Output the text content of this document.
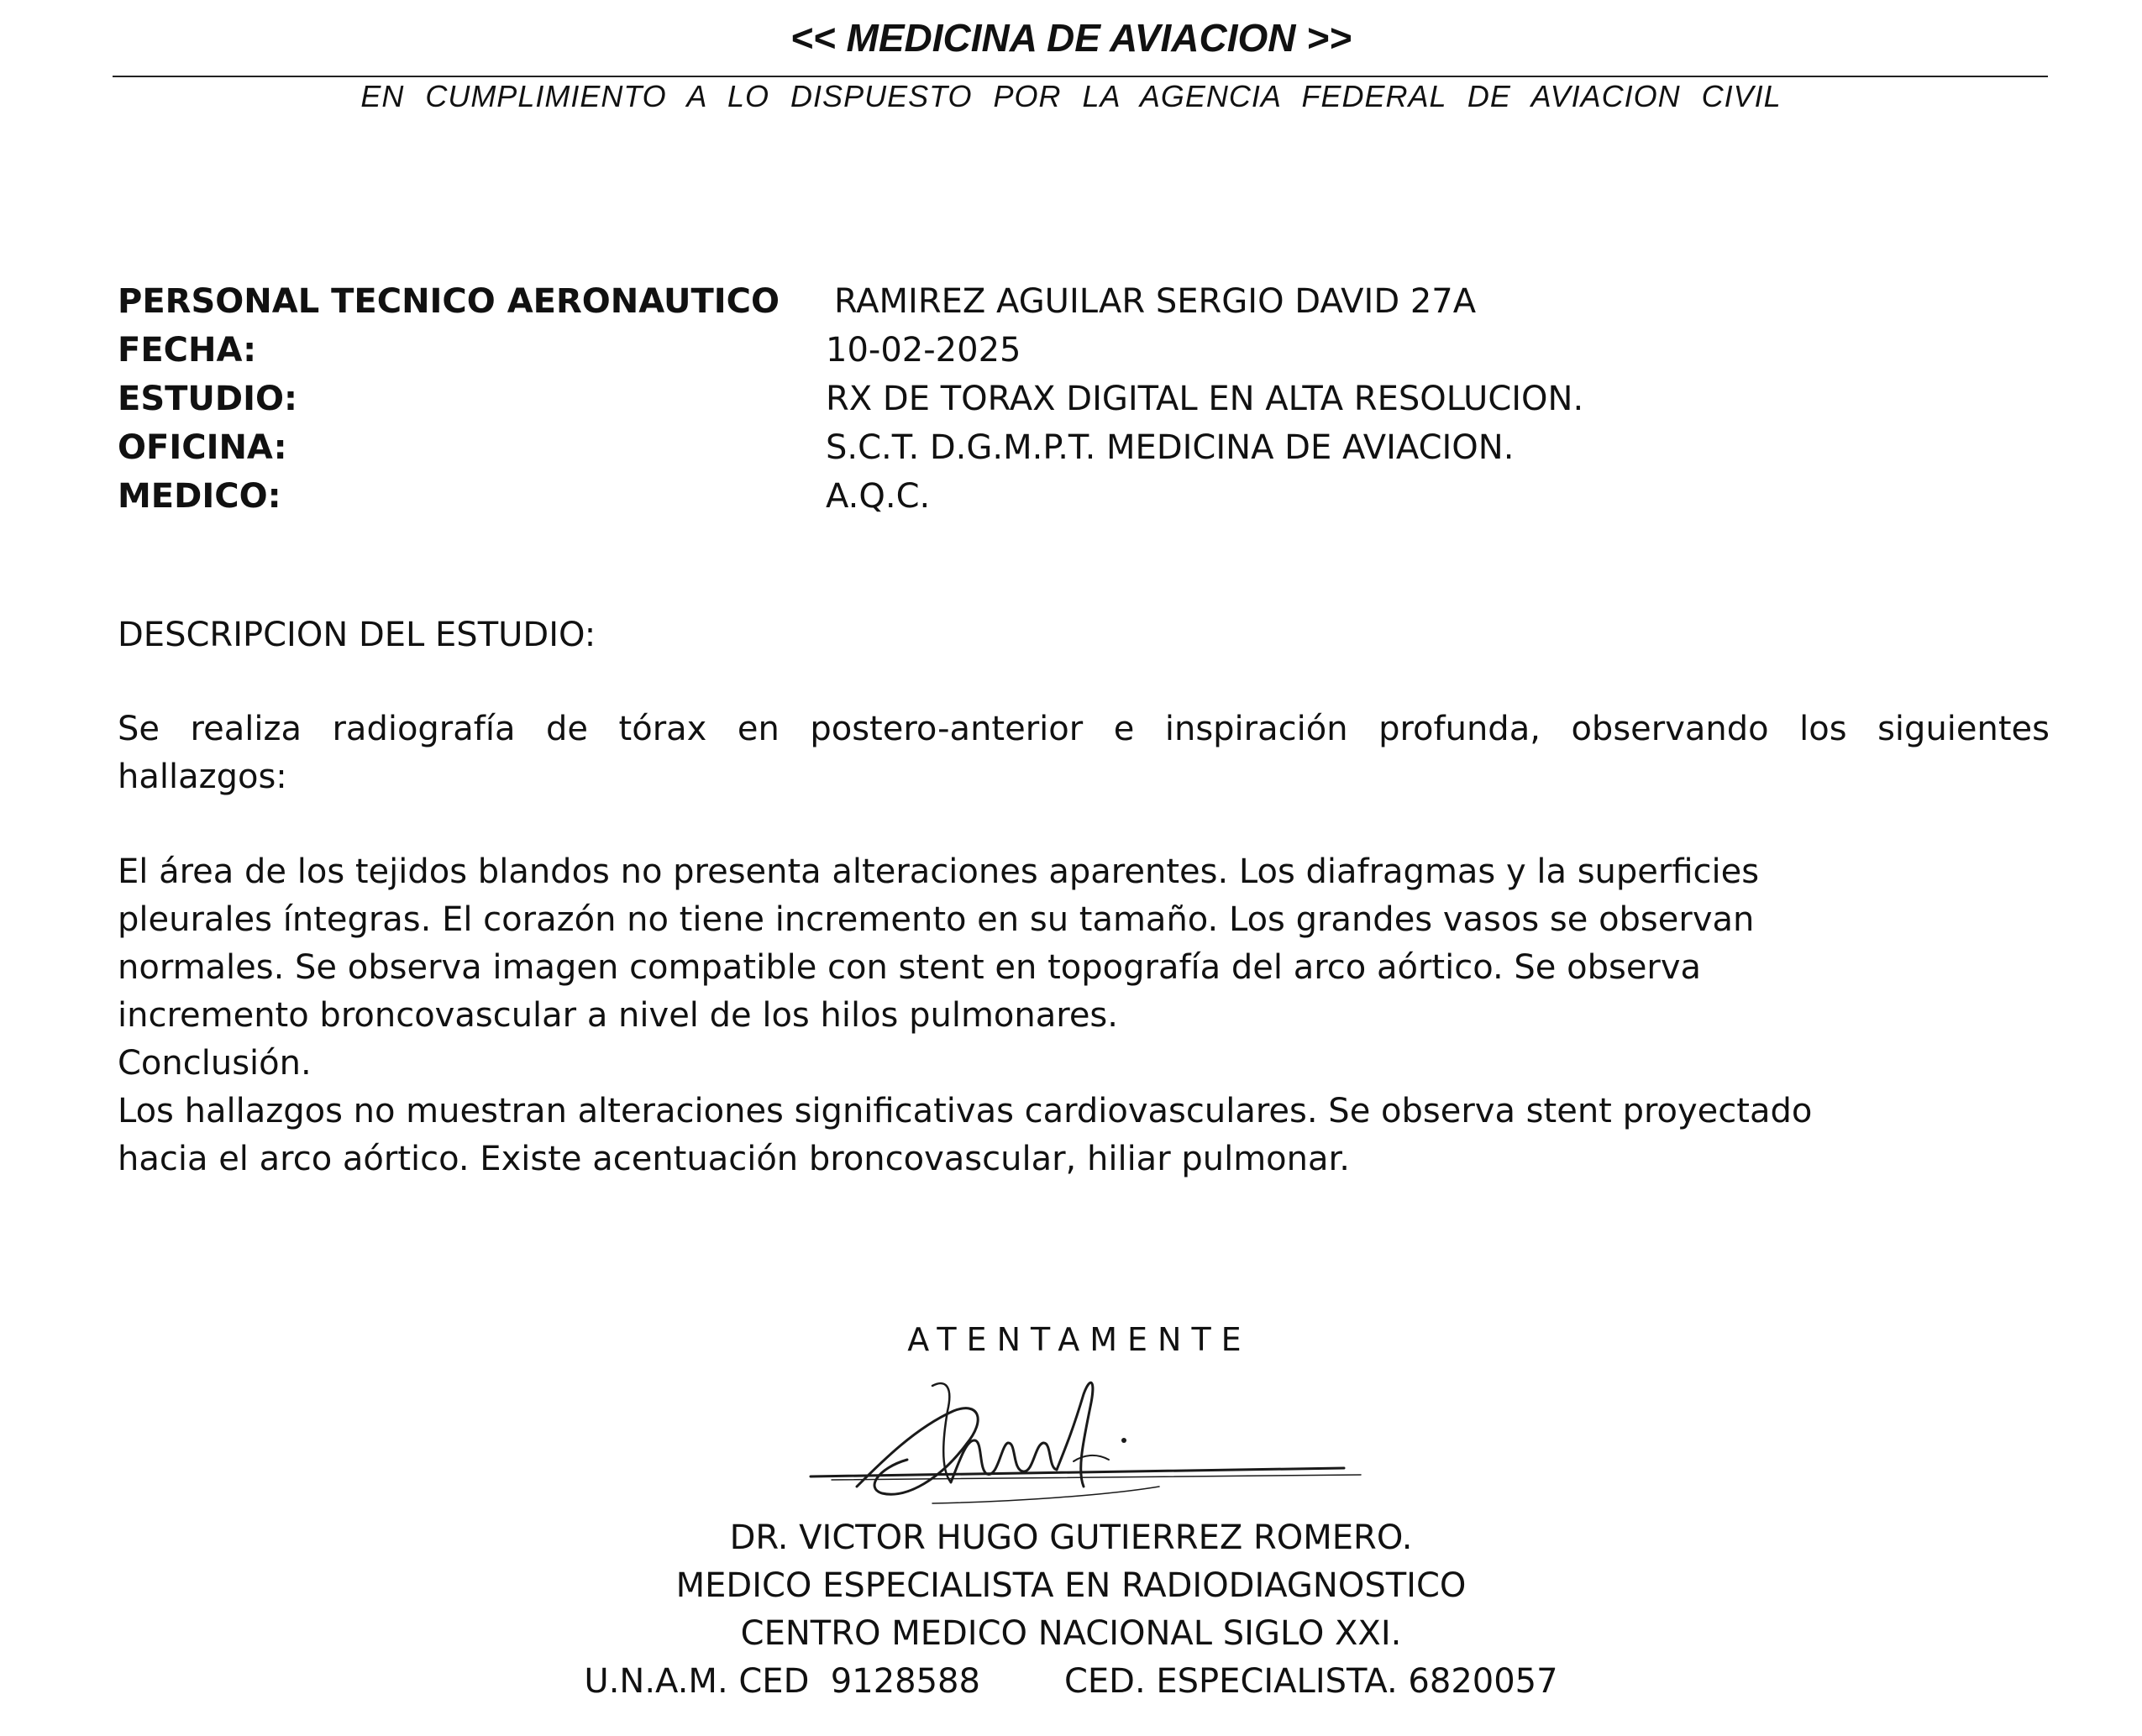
<< MEDICINA DE AVIACION >>
EN CUMPLIMIENTO A LO DISPUESTO POR LA AGENCIA FEDERAL DE AVIACION CIVIL
PERSONAL TECNICO AERONAUTICO	RAMIREZ AGUILAR SERGIO DAVID 27A
FECHA:	10-02-2025
ESTUDIO:	RX DE TORAX DIGITAL EN ALTA RESOLUCION.
OFICINA:	S.C.T. D.G.M.P.T. MEDICINA DE AVIACION.
MEDICO:	A.Q.C.
DESCRIPCION DEL ESTUDIO:
Se realiza radiografía de tórax en postero-anterior e inspiración profunda, observando los siguientes
hallazgos:

El área de los tejidos blandos no presenta alteraciones aparentes. Los diafragmas y la superficies

pleurales íntegras. El corazón no tiene incremento en su tamaño. Los grandes vasos se observan

normales. Se observa imagen compatible con stent en topografía del arco aórtico. Se observa

incremento broncovascular a nivel de los hilos pulmonares.

Conclusión.

Los hallazgos no muestran alteraciones significativas cardiovasculares. Se observa stent proyectado

hacia el arco aórtico. Existe acentuación broncovascular, hiliar pulmonar.

ATENTAMENTE
DR. VICTOR HUGO GUTIERREZ ROMERO.
MEDICO ESPECIALISTA EN RADIODIAGNOSTICO
CENTRO MEDICO NACIONAL SIGLO XXI.
U.N.A.M. CED  9128588	CED. ESPECIALISTA. 6820057
